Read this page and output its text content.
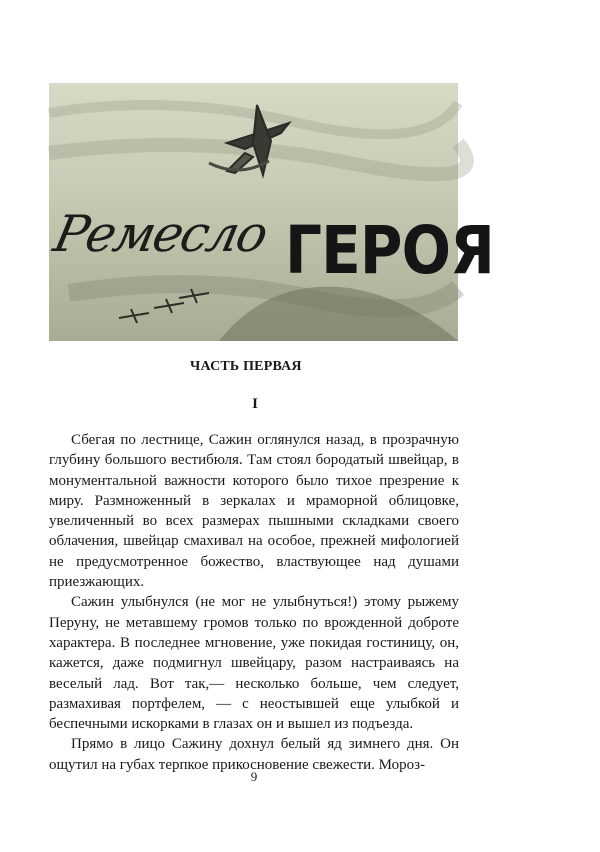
Ремесло ГЕРОЯ
ЧАСТЬ ПЕРВАЯ
I

Сбегая по лестнице, Сажин оглянулся назад, в прозрачную глубину большого вестибюля. Там стоял бородатый швейцар, в монументальной важности которого было тихое презрение к миру. Размноженный в зеркалах и мраморной облицовке, увеличенный во всех размерах пышными складками своего облачения, швейцар смахивал на особое, прежней мифологией не предусмотренное божество, властвующее над душами приезжающих.

Сажин улыбнулся (не мог не улыбнуться!) этому рыжему Перуну, не метавшему громов только по врожденной доброте характера. В последнее мгновение, уже покидая гостиницу, он, кажется, даже подмигнул швейцару, разом настраиваясь на веселый лад. Вот так,— несколько больше, чем следует, размахивая портфелем, — с неостывшей еще улыбкой и беспечными искорками в глазах он и вышел из подъезда.

Прямо в лицо Сажину дохнул белый яд зимнего дня. Он ощутил на губах терпкое прикосновение свежести. Мороз-

9
